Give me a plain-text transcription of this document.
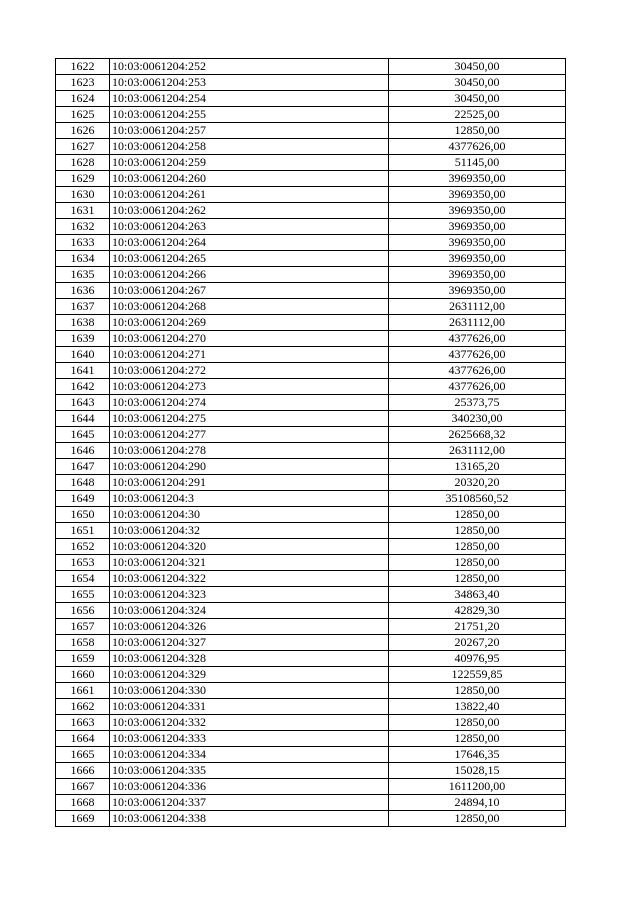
1622	10:03:0061204:252	30450,00
1623	10:03:0061204:253	30450,00
1624	10:03:0061204:254	30450,00
1625	10:03:0061204:255	22525,00
1626	10:03:0061204:257	12850,00
1627	10:03:0061204:258	4377626,00
1628	10:03:0061204:259	51145,00
1629	10:03:0061204:260	3969350,00
1630	10:03:0061204:261	3969350,00
1631	10:03:0061204:262	3969350,00
1632	10:03:0061204:263	3969350,00
1633	10:03:0061204:264	3969350,00
1634	10:03:0061204:265	3969350,00
1635	10:03:0061204:266	3969350,00
1636	10:03:0061204:267	3969350,00
1637	10:03:0061204:268	2631112,00
1638	10:03:0061204:269	2631112,00
1639	10:03:0061204:270	4377626,00
1640	10:03:0061204:271	4377626,00
1641	10:03:0061204:272	4377626,00
1642	10:03:0061204:273	4377626,00
1643	10:03:0061204:274	25373,75
1644	10:03:0061204:275	340230,00
1645	10:03:0061204:277	2625668,32
1646	10:03:0061204:278	2631112,00
1647	10:03:0061204:290	13165,20
1648	10:03:0061204:291	20320,20
1649	10:03:0061204:3	35108560,52
1650	10:03:0061204:30	12850,00
1651	10:03:0061204:32	12850,00
1652	10:03:0061204:320	12850,00
1653	10:03:0061204:321	12850,00
1654	10:03:0061204:322	12850,00
1655	10:03:0061204:323	34863,40
1656	10:03:0061204:324	42829,30
1657	10:03:0061204:326	21751,20
1658	10:03:0061204:327	20267,20
1659	10:03:0061204:328	40976,95
1660	10:03:0061204:329	122559,85
1661	10:03:0061204:330	12850,00
1662	10:03:0061204:331	13822,40
1663	10:03:0061204:332	12850,00
1664	10:03:0061204:333	12850,00
1665	10:03:0061204:334	17646,35
1666	10:03:0061204:335	15028,15
1667	10:03:0061204:336	1611200,00
1668	10:03:0061204:337	24894,10
1669	10:03:0061204:338	12850,00
